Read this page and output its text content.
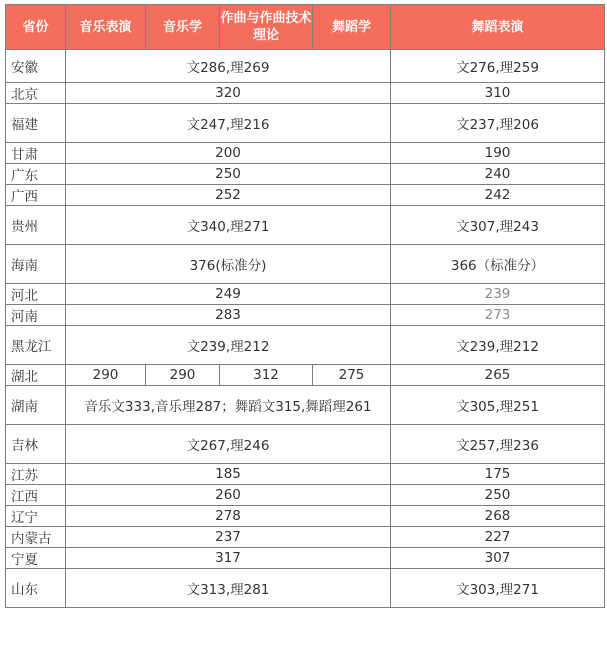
省份	音乐表演	音乐学	作曲与作曲技术理论	舞蹈学	舞蹈表演
安徽	文286,理269				文276,理259
北京	320				310
福建	文247,理216				文237,理206
甘肃	200				190
广东	250				240
广西	252				242
贵州	文340,理271				文307,理243
海南	376(标准分)				366（标准分）
河北	249				239
河南	283				273
黑龙江	文239,理212				文239,理212
湖北	290	290	312	275	265
湖南	音乐文333,音乐理287；舞蹈文315,舞蹈理261				文305,理251
吉林	文267,理246				文257,理236
江苏	185				175
江西	260				250
辽宁	278				268
内蒙古	237				227
宁夏	317				307
山东	文313,理281				文303,理271
